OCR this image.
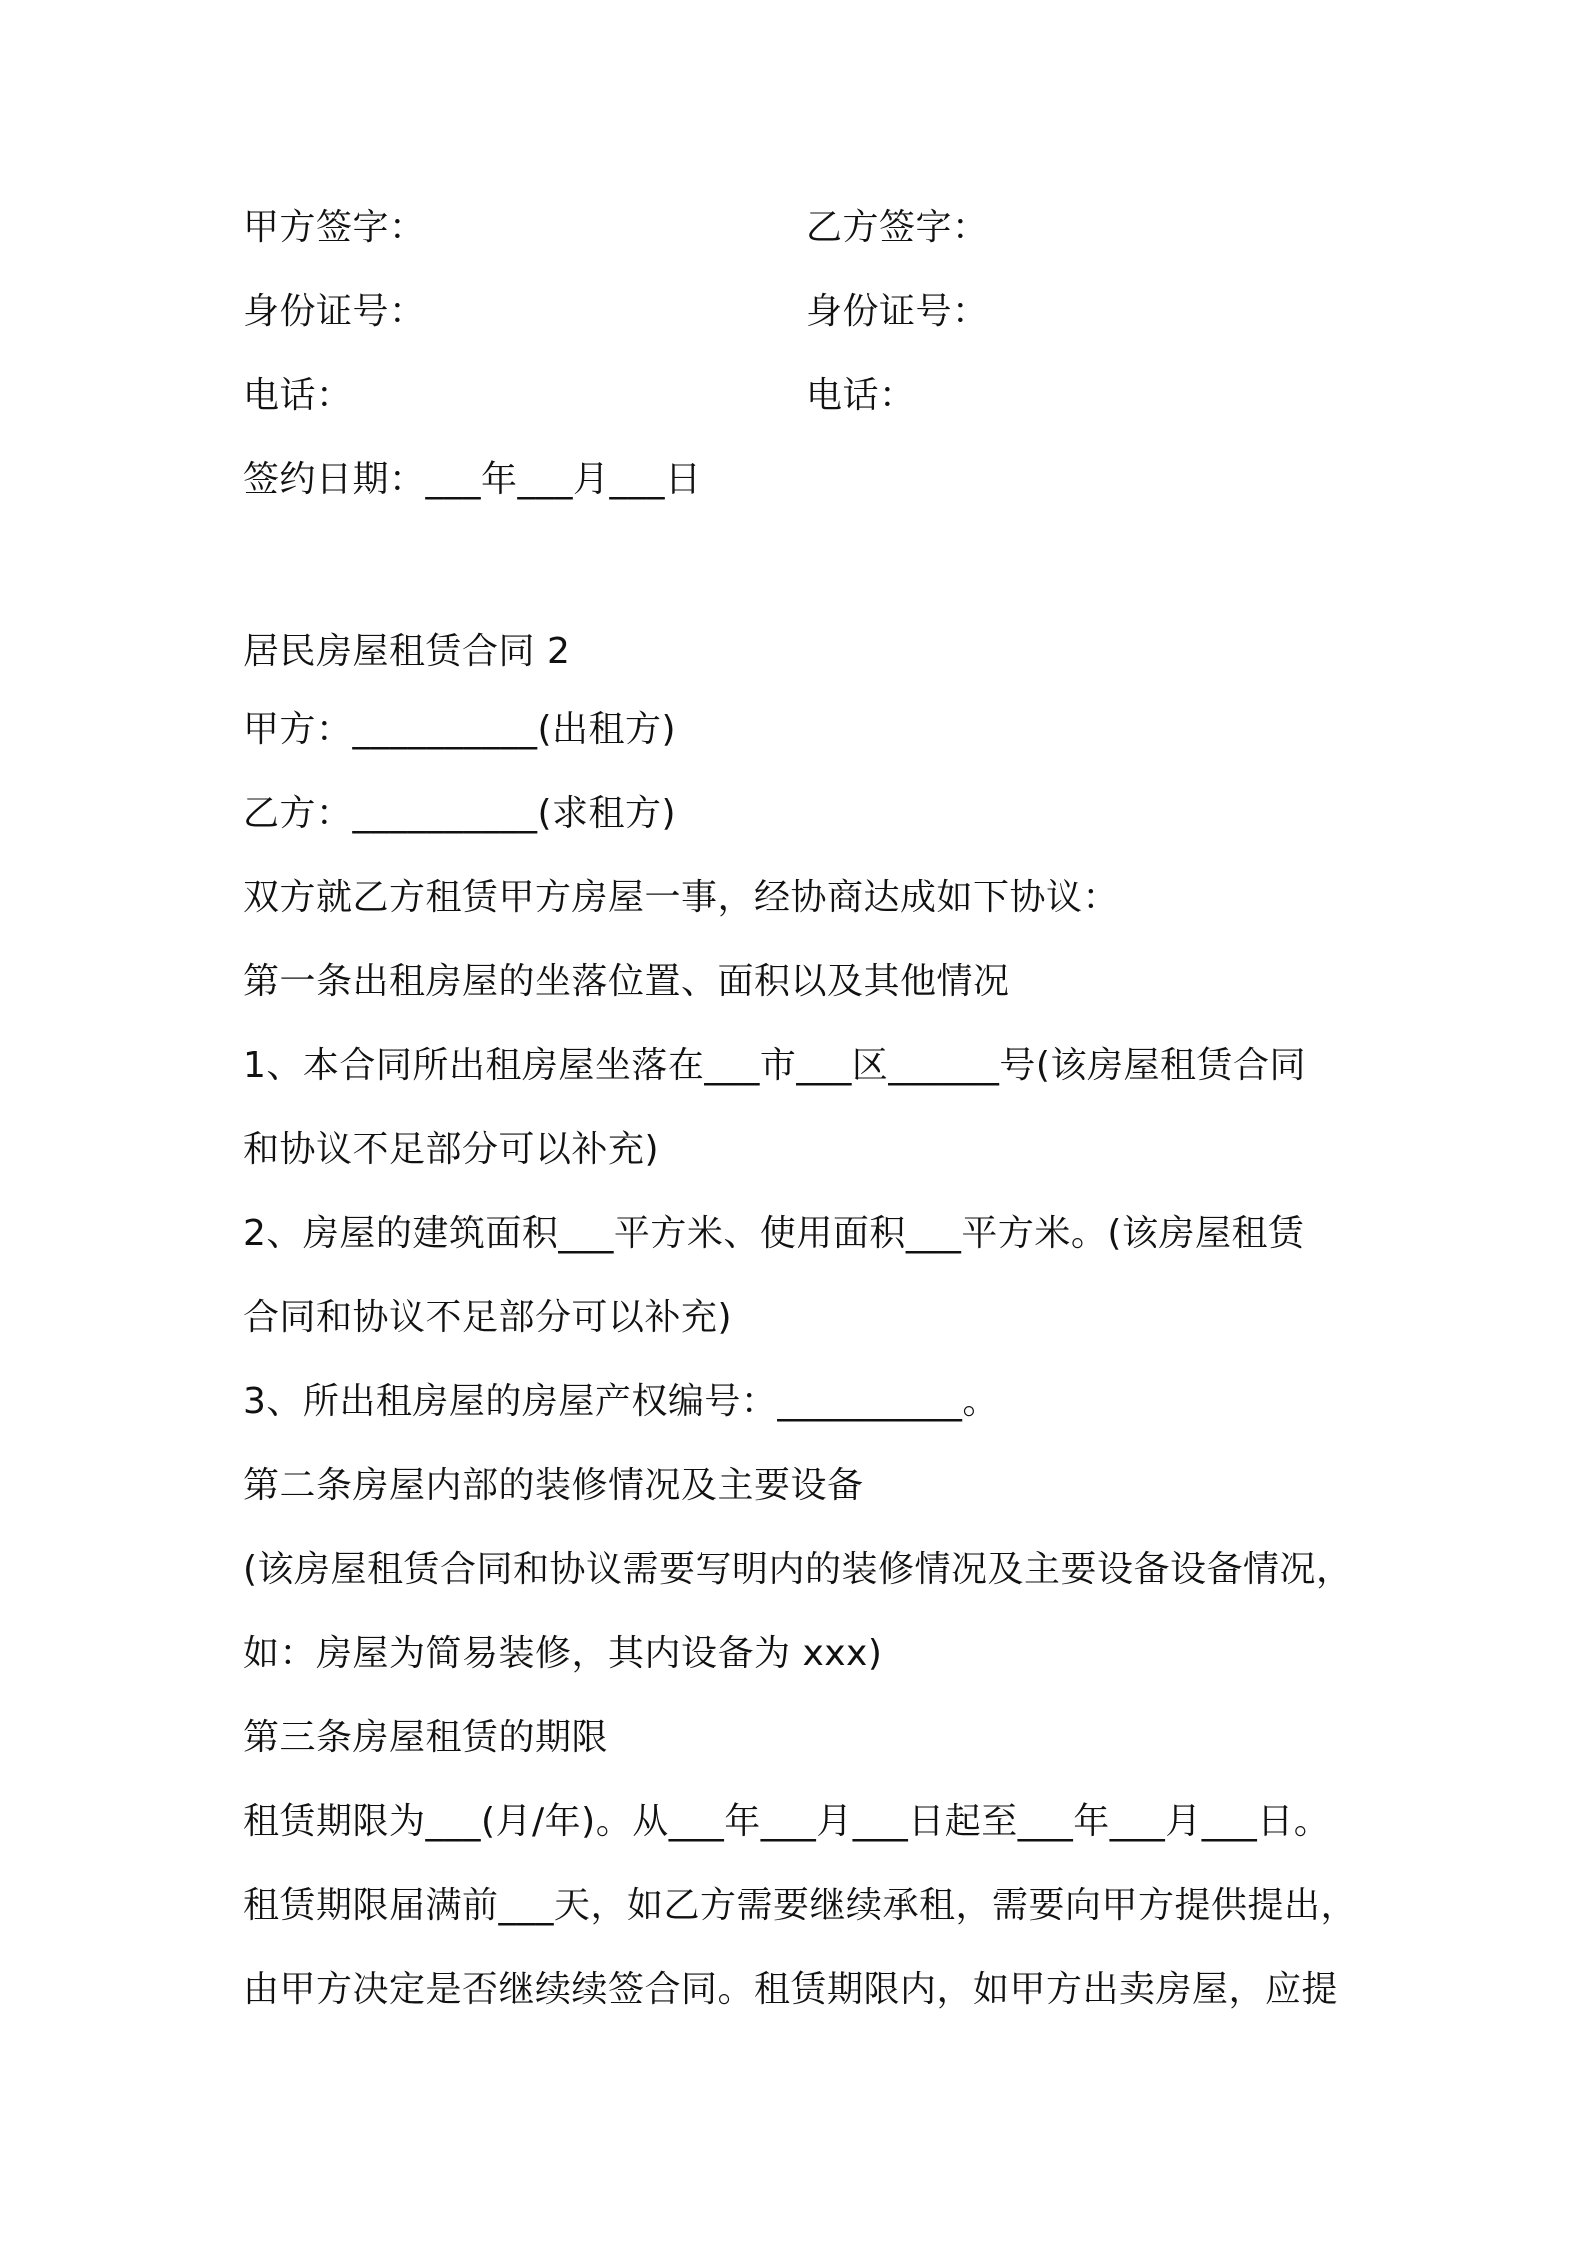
甲方签字：	乙方签字：
身份证号：	身份证号：
电话：	电话：
签约日期：___年___月___日
居民房屋租赁合同 2
甲方：__________(出租方)
乙方：__________(求租方)
双方就乙方租赁甲方房屋一事，经协商达成如下协议：
第一条出租房屋的坐落位置、面积以及其他情况
1、本合同所出租房屋坐落在___市___区______号(该房屋租赁合同
和协议不足部分可以补充)
2、房屋的建筑面积___平方米、使用面积___平方米。(该房屋租赁
合同和协议不足部分可以补充)
3、所出租房屋的房屋产权编号：__________。
第二条房屋内部的装修情况及主要设备
(该房屋租赁合同和协议需要写明内的装修情况及主要设备设备情况，
如：房屋为简易装修，其内设备为 xxx)
第三条房屋租赁的期限
租赁期限为___(月/年)。从___年___月___日起至___年___月___日。
租赁期限届满前___天，如乙方需要继续承租，需要向甲方提供提出，
由甲方决定是否继续续签合同。租赁期限内，如甲方出卖房屋，应提
